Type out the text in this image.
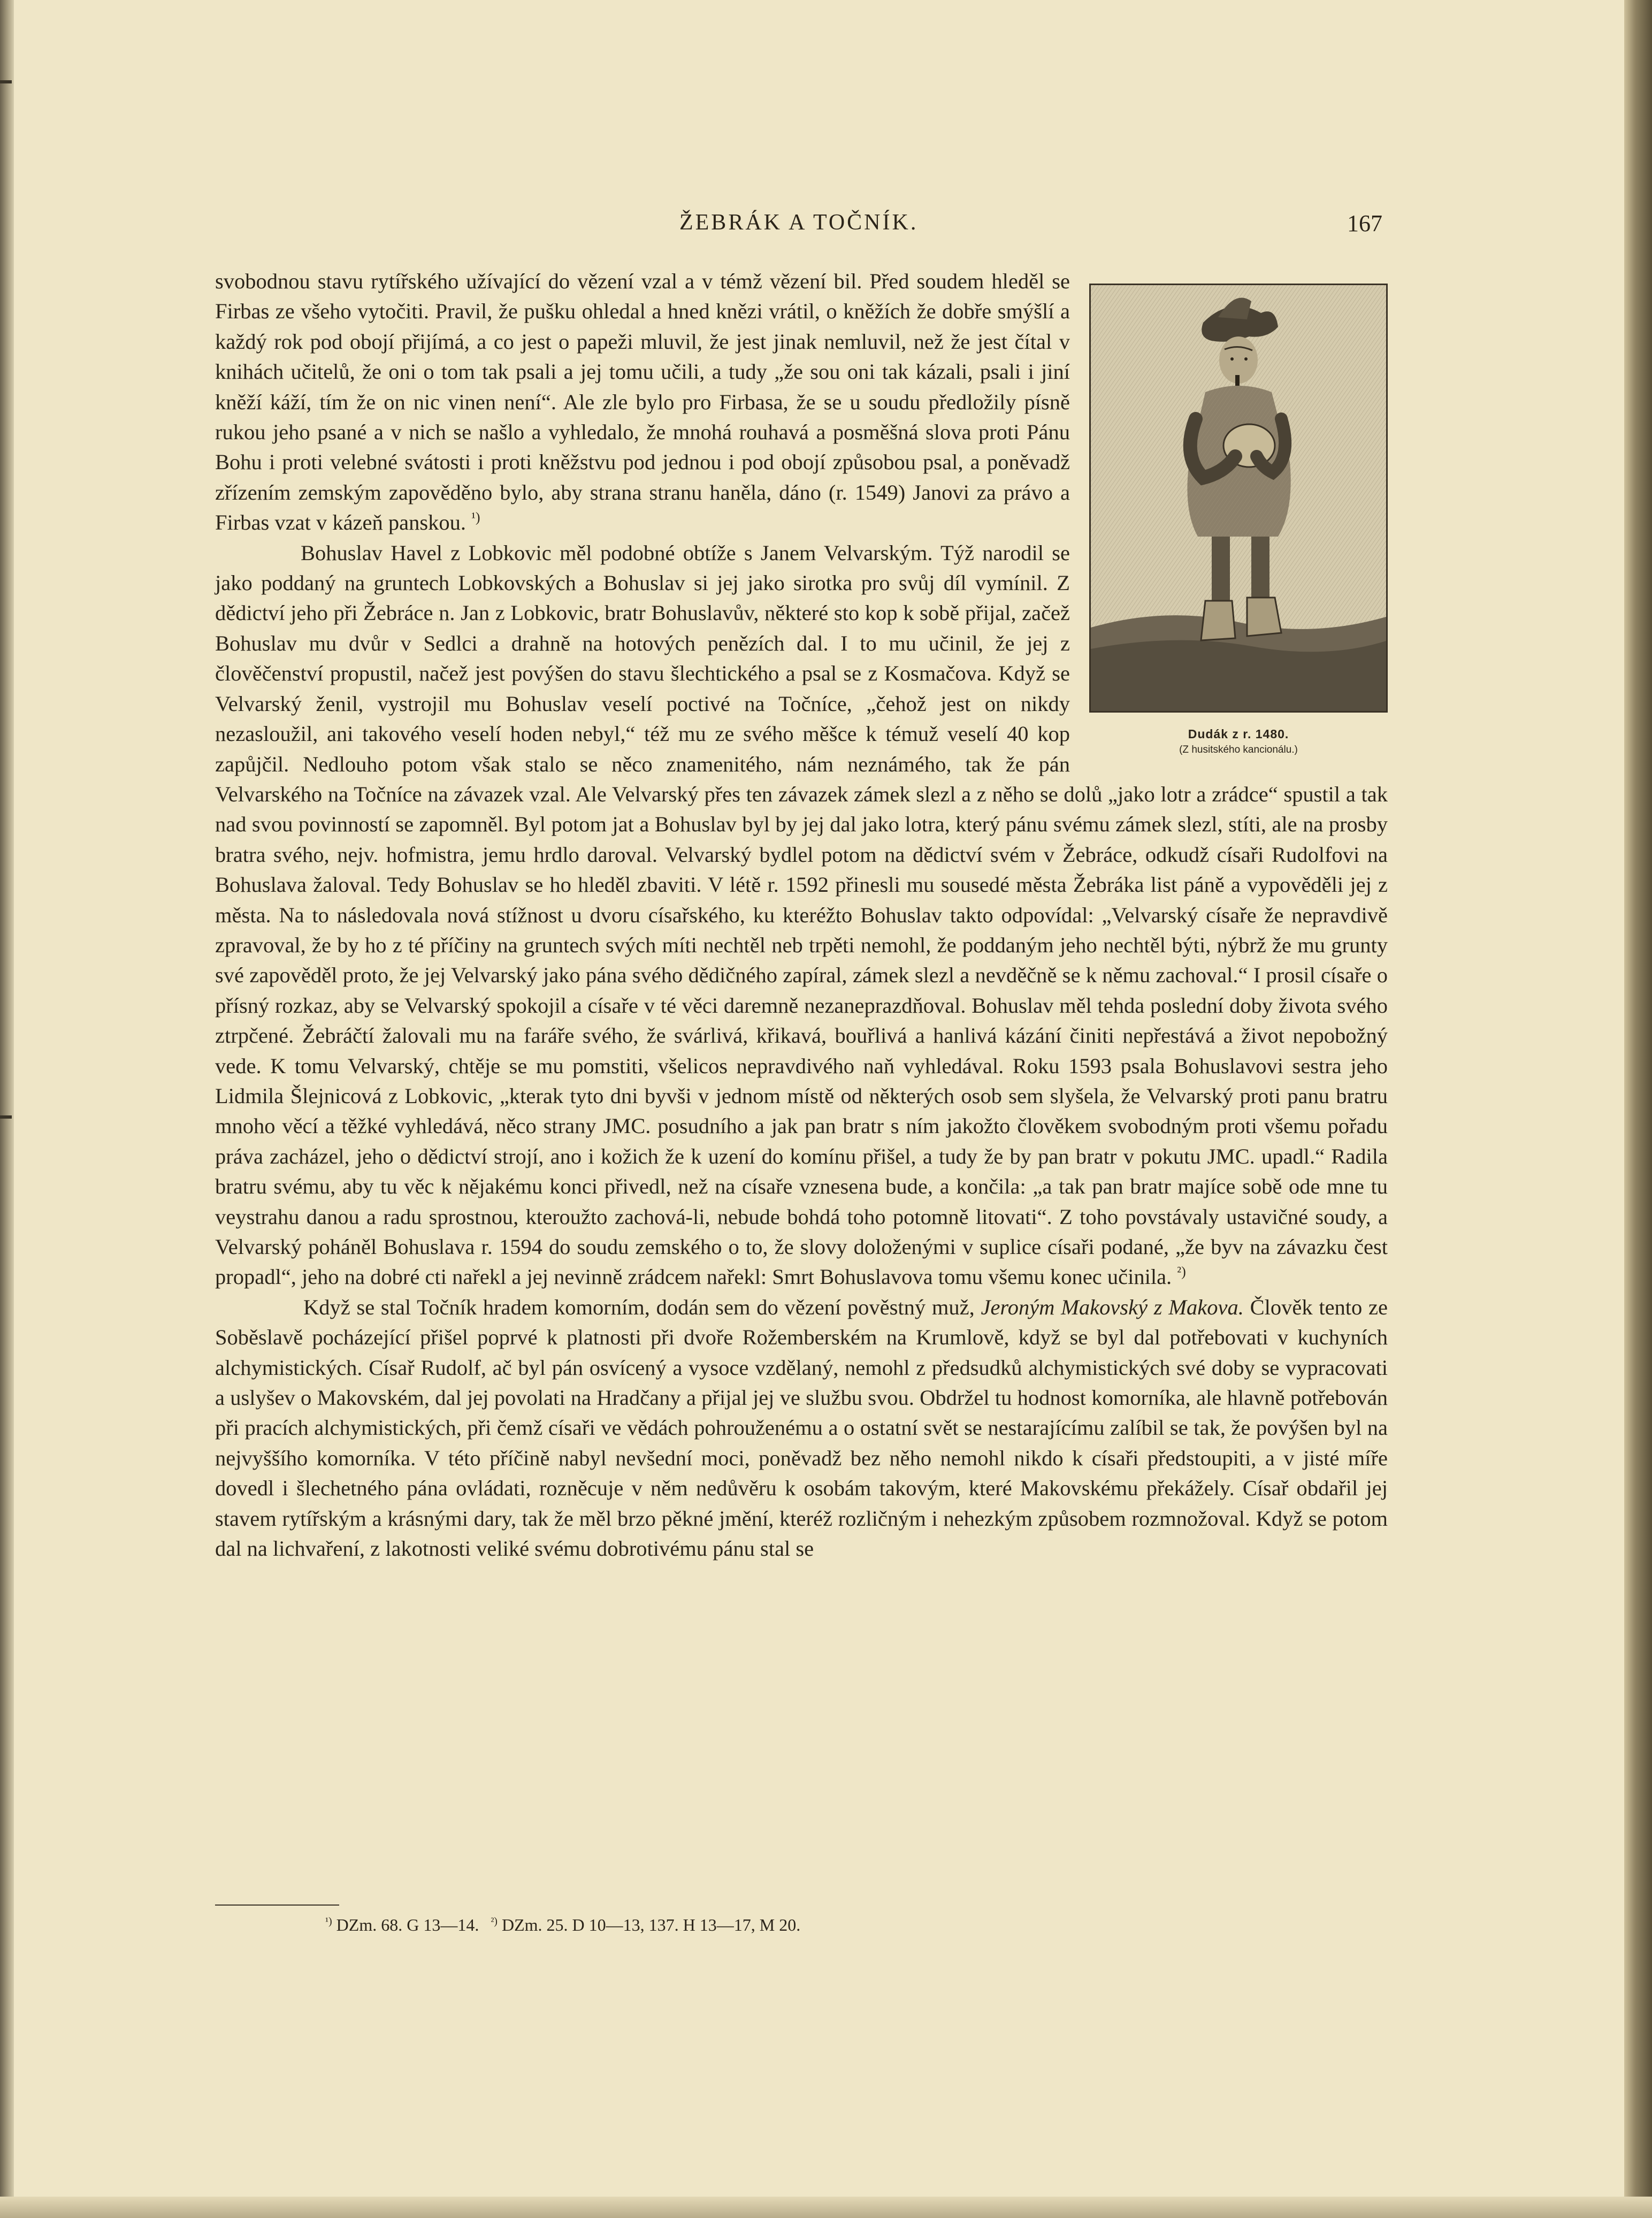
ŽEBRÁK A TOČNÍK.	167
Dudák z r. 1480.
(Z husitského kancionálu.)

svobodnou stavu rytířského užívající do vězení vzal a v témž vězení bil. Před soudem hleděl se Firbas ze všeho vytočiti. Pravil, že pušku ohledal a hned knězi vrátil, o kněžích že dobře smýšlí a každý rok pod obojí přijímá, a co jest o papeži mluvil, že jest jinak nemluvil, než že jest čítal v knihách učitelů, že oni o tom tak psali a jej tomu učili, a tudy „že sou oni tak kázali, psali i jiní kněží káží, tím že on nic vinen není“. Ale zle bylo pro Firbasa, že se u soudu předložily písně rukou jeho psané a v nich se našlo a vyhledalo, že mnohá rouhavá a posměšná slova proti Pánu Bohu i proti velebné svátosti i proti kněžstvu pod jednou i pod obojí způsobou psal, a poněvadž zřízením zemským zapověděno bylo, aby strana stranu haněla, dáno (r. 1549) Janovi za právo a Firbas vzat v kázeň panskou. $^{^1)}$

Bohuslav Havel z Lobkovic měl podobné obtíže s Janem Velvarským. Týž narodil se jako poddaný na gruntech Lobkovských a Bohuslav si jej jako sirotka pro svůj díl vymínil. Z dědictví jeho při Žebráce n. Jan z Lobkovic, bratr Bohuslavův, některé sto kop k sobě přijal, začež Bohuslav mu dvůr v Sedlci a drahně na hotových penězích dal. I to mu učinil, že jej z člověčenství propustil, načež jest povýšen do stavu šlechtického a psal se z Kosmačova. Když se Velvarský ženil, vystrojil mu Bohuslav veselí poctivé na Točníce, „čehož jest on nikdy nezasloužil, ani takového veselí hoden nebyl,“ též mu ze svého měšce k témuž veselí 40 kop zapůjčil. Nedlouho potom však stalo se něco znamenitého, nám neznámého, tak že pán Velvarského na Točníce na závazek vzal. Ale Velvarský přes ten závazek zámek slezl a z něho se dolů „jako lotr a zrádce“ spustil a tak nad svou povinností se zapomněl. Byl potom jat a Bohuslav byl by jej dal jako lotra, který pánu svému zámek slezl, stíti, ale na prosby bratra svého, nejv. hofmistra, jemu hrdlo daroval. Velvarský bydlel potom na dědictví svém v Žebráce, odkudž císaři Rudolfovi na Bohuslava žaloval. Tedy Bohuslav se ho hleděl zbaviti. V létě r. 1592 přinesli mu sousedé města Žebráka list páně a vypověděli jej z města. Na to následovala nová stížnost u dvoru císařského, ku kteréžto Bohuslav takto odpovídal: „Velvarský císaře že nepravdivě zpravoval, že by ho z té příčiny na gruntech svých míti nechtěl neb trpěti nemohl, že poddaným jeho nechtěl býti, nýbrž že mu grunty své zapověděl proto, že jej Velvarský jako pána svého dědičného zapíral, zámek slezl a nevděčně se k němu zachoval.“ I prosil císaře o přísný rozkaz, aby se Velvarský spokojil a císaře v té věci daremně nezaneprazdňoval. Bohuslav měl tehda poslední doby života svého ztrpčené. Žebráčtí žalovali mu na faráře svého, že svárlivá, křikavá, bouřlivá a hanlivá kázání činiti nepřestává a život nepobožný vede. K tomu Velvarský, chtěje se mu pomstiti, všelicos nepravdivého naň vyhledával. Roku 1593 psala Bohuslavovi sestra jeho Lidmila Šlejnicová z Lobkovic, „kterak tyto dni byvši v jednom místě od některých osob sem slyšela, že Velvarský proti panu bratru mnoho věcí a těžké vyhledává, něco strany JMC. posudního a jak pan bratr s ním jakožto člověkem svobodným proti všemu pořadu práva zacházel, jeho o dědictví strojí, ano i kožich že k uzení do komínu přišel, a tudy že by pan bratr v pokutu JMC. upadl.“ Radila bratru svému, aby tu věc k nějakému konci přivedl, než na císaře vznesena bude, a končila: „a tak pan bratr majíce sobě ode mne tu veystrahu danou a radu sprostnou, kteroužto zachová-li, nebude bohdá toho potomně litovati“. Z toho povstávaly ustavičné soudy, a Velvarský poháněl Bohuslava r. 1594 do soudu zemského o to, že slovy doloženými v suplice císaři podané, „že byv na závazku čest propadl“, jeho na dobré cti nařekl a jej nevinně zrádcem nařekl: Smrt Bohuslavova tomu všemu konec učinila. $^{^2)}$

Když se stal Točník hradem komorním, dodán sem do vězení pověstný muž, Jeroným Makovský z Makova. Člověk tento ze Soběslavě pocházející přišel poprvé k platnosti při dvoře Rožemberském na Krumlově, když se byl dal potřebovati v kuchyních alchymistických. Císař Rudolf, ač byl pán osvícený a vysoce vzdělaný, nemohl z předsudků alchymistických své doby se vypracovati a uslyšev o Makovském, dal jej povolati na Hradčany a přijal jej ve službu svou. Obdržel tu hodnost komorníka, ale hlavně potřebován při pracích alchymistických, při čemž císaři ve vědách pohrouženému a o ostatní svět se nestarajícímu zalíbil se tak, že povýšen byl na nejvyššího komorníka. V této příčině nabyl nevšední moci, poněvadž bez něho nemohl nikdo k císaři předstoupiti, a v jisté míře dovedl i šlechetného pána ovládati, rozněcuje v něm nedůvěru k osobám takovým, které Makovskému překážely. Císař obdařil jej stavem rytířským a krásnými dary, tak že měl brzo pěkné jmění, kteréž rozličným i nehezkým způsobem rozmnožoval. Když se potom dal na lichvaření, z lakotnosti veliké svému dobrotivému pánu stal se

$^{^1)}$ DZm. 68. G 13—14. $^{^2)}$ DZm. 25. D 10—13, 137. H 13—17, M 20.
